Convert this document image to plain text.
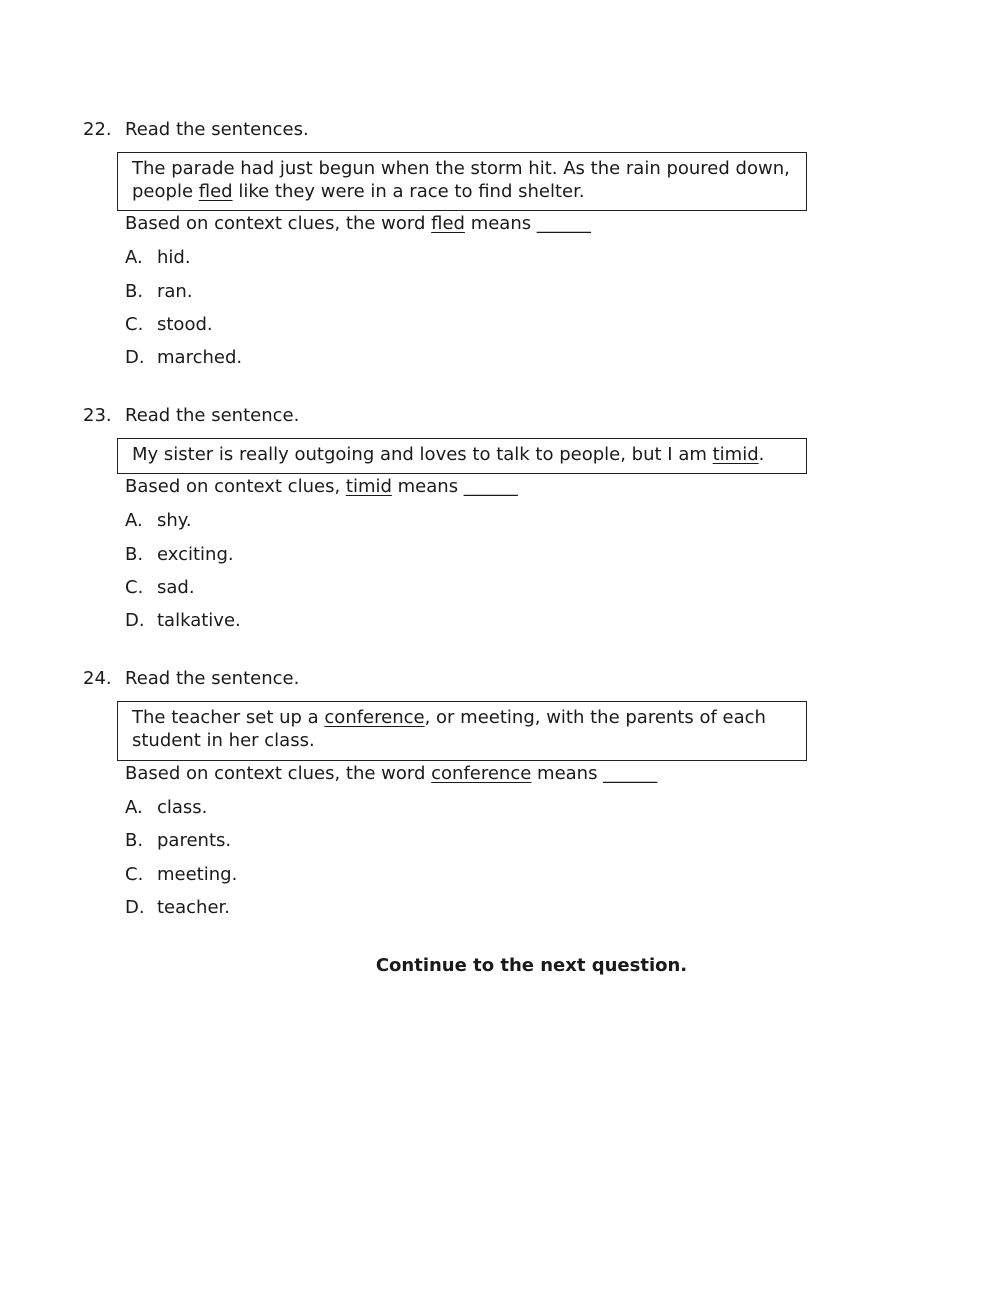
22. Read the sentences.
The parade had just begun when the storm hit. As the rain poured down, people fled like they were in a race to find shelter.
Based on context clues, the word fled means ______
A. hid.
B. ran.
C. stood.
D. marched.
23. Read the sentence.
My sister is really outgoing and loves to talk to people, but I am timid.
Based on context clues, timid means ______
A. shy.
B. exciting.
C. sad.
D. talkative.
24. Read the sentence.
The teacher set up a conference, or meeting, with the parents of each student in her class.
Based on context clues, the word conference means ______
A. class.
B. parents.
C. meeting.
D. teacher.
Continue to the next question.
